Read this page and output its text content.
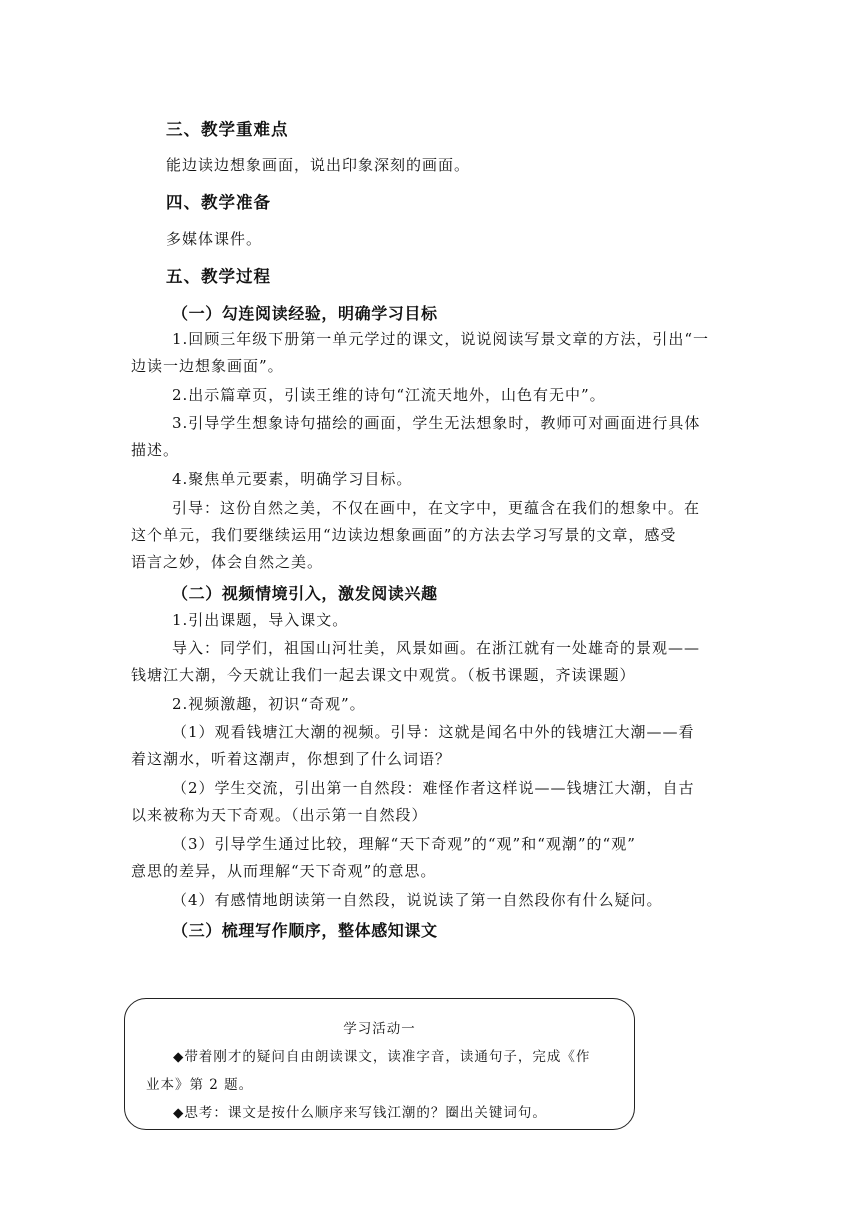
三、教学重难点
能边读边想象画面，说出印象深刻的画面。
四、教学准备
多媒体课件。
五、教学过程
（一）勾连阅读经验，明确学习目标
1.回顾三年级下册第一单元学过的课文，说说阅读写景文章的方法，引出“一
边读一边想象画面”。
2.出示篇章页，引读王维的诗句“江流天地外，山色有无中”。
3.引导学生想象诗句描绘的画面，学生无法想象时，教师可对画面进行具体
描述。
4.聚焦单元要素，明确学习目标。
引导：这份自然之美，不仅在画中，在文字中，更蕴含在我们的想象中。在
这个单元，我们要继续运用“边读边想象画面”的方法去学习写景的文章，感受
语言之妙，体会自然之美。
（二）视频情境引入，激发阅读兴趣
1.引出课题，导入课文。
导入：同学们，祖国山河壮美，风景如画。在浙江就有一处雄奇的景观——
钱塘江大潮，今天就让我们一起去课文中观赏。（板书课题，齐读课题）
2.视频激趣，初识“奇观”。
（1）观看钱塘江大潮的视频。引导：这就是闻名中外的钱塘江大潮——看
着这潮水，听着这潮声，你想到了什么词语？
（2）学生交流，引出第一自然段：难怪作者这样说——钱塘江大潮，自古
以来被称为天下奇观。（出示第一自然段）
（3）引导学生通过比较，理解“天下奇观”的“观”和“观潮”的“观”
意思的差异，从而理解“天下奇观”的意思。
（4）有感情地朗读第一自然段，说说读了第一自然段你有什么疑问。
（三）梳理写作顺序，整体感知课文
学习活动一
◆带着刚才的疑问自由朗读课文，读准字音，读通句子，完成《作
业本》第 2 题。
◆思考：课文是按什么顺序来写钱江潮的？圈出关键词句。
